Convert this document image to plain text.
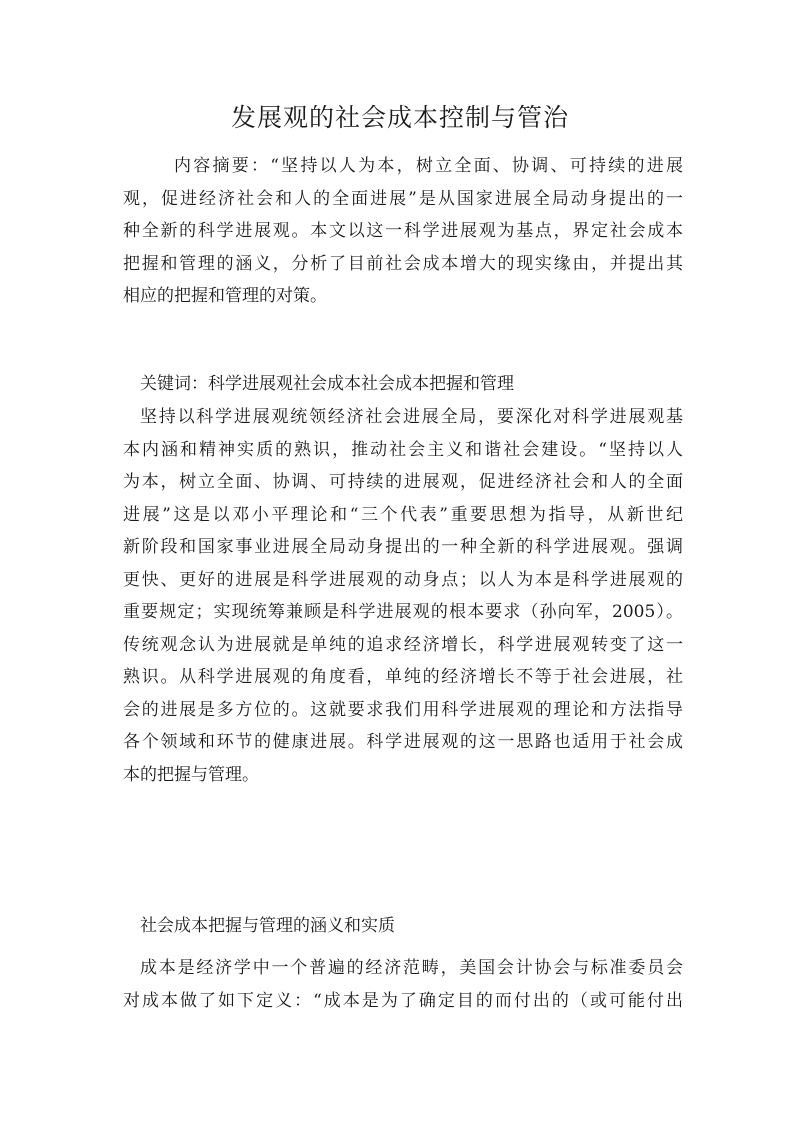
发展观的社会成本控制与管治
内容摘要：“坚持以人为本，树立全面、协调、可持续的进展
观，促进经济社会和人的全面进展”是从国家进展全局动身提出的一
种全新的科学进展观。本文以这一科学进展观为基点，界定社会成本
把握和管理的涵义，分析了目前社会成本增大的现实缘由，并提出其
相应的把握和管理的对策。
关键词：科学进展观社会成本社会成本把握和管理
坚持以科学进展观统领经济社会进展全局，要深化对科学进展观基
本内涵和精神实质的熟识，推动社会主义和谐社会建设。“坚持以人
为本，树立全面、协调、可持续的进展观，促进经济社会和人的全面
进展”这是以邓小平理论和“三个代表”重要思想为指导，从新世纪
新阶段和国家事业进展全局动身提出的一种全新的科学进展观。强调
更快、更好的进展是科学进展观的动身点；以人为本是科学进展观的
重要规定；实现统筹兼顾是科学进展观的根本要求（孙向军，2005）。
传统观念认为进展就是单纯的追求经济增长，科学进展观转变了这一
熟识。从科学进展观的角度看，单纯的经济增长不等于社会进展，社
会的进展是多方位的。这就要求我们用科学进展观的理论和方法指导
各个领域和环节的健康进展。科学进展观的这一思路也适用于社会成
本的把握与管理。
社会成本把握与管理的涵义和实质
成本是经济学中一个普遍的经济范畴，美国会计协会与标准委员会
对成本做了如下定义：“成本是为了确定目的而付出的（或可能付出
